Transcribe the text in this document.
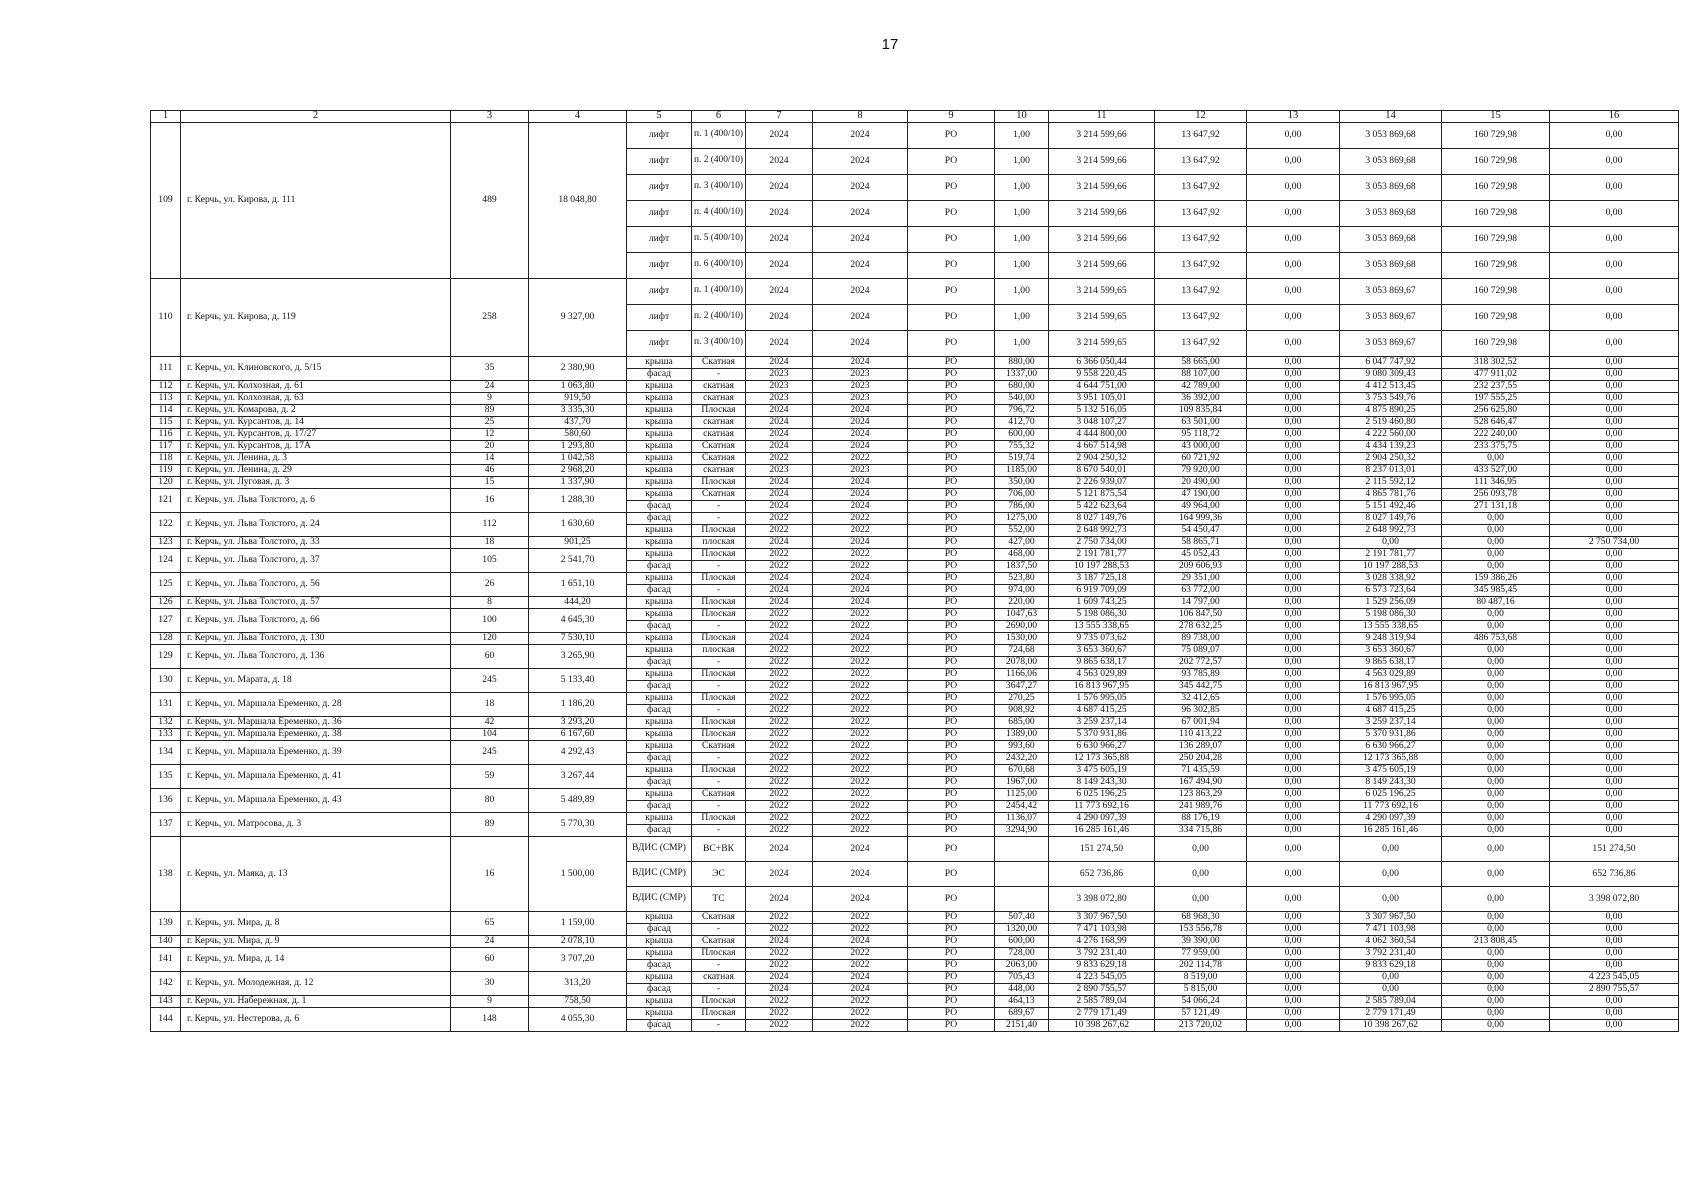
17
1	2	3	4	5	6	7	8	9	10	11	12	13	14	15	16
109	г. Керчь, ул. Кирова, д. 111	489	18 048,80	лифт	п. 1 (400/10)	2024	2024	РО	1,00	3 214 599,66	13 647,92	0,00	3 053 869,68	160 729,98	0,00
				лифт	п. 2 (400/10)	2024	2024	РО	1,00	3 214 599,66	13 647,92	0,00	3 053 869,68	160 729,98	0,00
				лифт	п. 3 (400/10)	2024	2024	РО	1,00	3 214 599,66	13 647,92	0,00	3 053 869,68	160 729,98	0,00
				лифт	п. 4 (400/10)	2024	2024	РО	1,00	3 214 599,66	13 647,92	0,00	3 053 869,68	160 729,98	0,00
				лифт	п. 5 (400/10)	2024	2024	РО	1,00	3 214 599,66	13 647,92	0,00	3 053 869,68	160 729,98	0,00
				лифт	п. 6 (400/10)	2024	2024	РО	1,00	3 214 599,66	13 647,92	0,00	3 053 869,68	160 729,98	0,00
110	г. Керчь, ул. Кирова, д. 119	258	9 327,00	лифт	п. 1 (400/10)	2024	2024	РО	1,00	3 214 599,65	13 647,92	0,00	3 053 869,67	160 729,98	0,00
				лифт	п. 2 (400/10)	2024	2024	РО	1,00	3 214 599,65	13 647,92	0,00	3 053 869,67	160 729,98	0,00
				лифт	п. 3 (400/10)	2024	2024	РО	1,00	3 214 599,65	13 647,92	0,00	3 053 869,67	160 729,98	0,00
111	г. Керчь, ул. Клиновского, д. 5/15	35	2 380,90	крыша	Скатная	2024	2024	РО	880,00	6 366 050,44	58 665,00	0,00	6 047 747,92	318 302,52	0,00
				фасад	-	2023	2023	РО	1337,00	9 558 220,45	88 107,00	0,00	9 080 309,43	477 911,02	0,00
112	г. Керчь, ул. Колхозная, д. 61	24	1 063,80	крыша	скатная	2023	2023	РО	680,00	4 644 751,00	42 789,00	0,00	4 412 513,45	232 237,55	0,00
113	г. Керчь, ул. Колхозная, д. 63	9	919,50	крыша	скатная	2023	2023	РО	540,00	3 951 105,01	36 392,00	0,00	3 753 549,76	197 555,25	0,00
114	г. Керчь, ул. Комарова, д. 2	89	3 335,30	крыша	Плоская	2024	2024	РО	796,72	5 132 516,05	109 835,84	0,00	4 875 890,25	256 625,80	0,00
115	г. Керчь, ул. Курсантов, д. 14	25	437,70	крыша	скатная	2024	2024	РО	412,70	3 048 107,27	63 501,00	0,00	2 519 460,80	528 646,47	0,00
116	г. Керчь, ул. Курсантов, д. 17/27	12	580,60	крыша	скатная	2024	2024	РО	600,00	4 444 800,00	95 118,72	0,00	4 222 560,00	222 240,00	0,00
117	г. Керчь, ул. Курсантов, д. 17А	20	1 293,80	крыша	Скатная	2024	2024	РО	755,32	4 667 514,98	43 000,00	0,00	4 434 139,23	233 375,75	0,00
118	г. Керчь, ул. Ленина, д. 3	14	1 042,58	крыша	Скатная	2022	2022	РО	519,74	2 904 250,32	60 721,92	0,00	2 904 250,32	0,00	0,00
119	г. Керчь, ул. Ленина, д. 29	46	2 968,20	крыша	скатная	2023	2023	РО	1185,00	8 670 540,01	79 920,00	0,00	8 237 013,01	433 527,00	0,00
120	г. Керчь, ул. Луговая, д. 3	15	1 337,90	крыша	Плоская	2024	2024	РО	350,00	2 226 939,07	20 490,00	0,00	2 115 592,12	111 346,95	0,00
121	г. Керчь, ул. Льва Толстого, д. 6	16	1 288,30	крыша	Скатная	2024	2024	РО	706,00	5 121 875,54	47 190,00	0,00	4 865 781,76	256 093,78	0,00
				фасад	-	2024	2024	РО	786,00	5 422 623,64	49 964,00	0,00	5 151 492,46	271 131,18	0,00
122	г. Керчь, ул. Льва Толстого, д. 24	112	1 630,60	фасад	-	2022	2022	РО	1275,00	8 027 149,76	164 999,36	0,00	8 027 149,76	0,00	0,00
				крыша	Плоская	2022	2022	РО	552,00	2 648 992,73	54 450,47	0,00	2 648 992,73	0,00	0,00
123	г. Керчь, ул. Льва Толстого, д. 33	18	901,25	крыша	плоская	2024	2024	РО	427,00	2 750 734,00	58 865,71	0,00	0,00	0,00	2 750 734,00
124	г. Керчь, ул. Льва Толстого, д. 37	105	2 541,70	крыша	Плоская	2022	2022	РО	468,00	2 191 781,77	45 052,43	0,00	2 191 781,77	0,00	0,00
				фасад	-	2022	2022	РО	1837,50	10 197 288,53	209 606,93	0,00	10 197 288,53	0,00	0,00
125	г. Керчь, ул. Льва Толстого, д. 56	26	1 651,10	крыша	Плоская	2024	2024	РО	523,80	3 187 725,18	29 351,00	0,00	3 028 338,92	159 386,26	0,00
				фасад	-	2024	2024	РО	974,00	6 919 709,09	63 772,00	0,00	6 573 723,64	345 985,45	0,00
126	г. Керчь, ул. Льва Толстого, д. 57	8	444,20	крыша	Плоская	2024	2024	РО	220,00	1 609 743,25	14 797,00	0,00	1 529 256,09	80 487,16	0,00
127	г. Керчь, ул. Льва Толстого, д. 66	100	4 645,30	крыша	Плоская	2022	2022	РО	1047,63	5 198 086,30	106 847,50	0,00	5 198 086,30	0,00	0,00
				фасад	-	2022	2022	РО	2690,00	13 555 338,65	278 632,25	0,00	13 555 338,65	0,00	0,00
128	г. Керчь, ул. Льва Толстого, д. 130	120	7 530,10	крыша	Плоская	2024	2024	РО	1530,00	9 735 073,62	89 738,00	0,00	9 248 319,94	486 753,68	0,00
129	г. Керчь, ул. Льва Толстого, д. 136	60	3 265,90	крыша	плоская	2022	2022	РО	724,68	3 653 360,67	75 089,07	0,00	3 653 360,67	0,00	0,00
				фасад	-	2022	2022	РО	2078,00	9 865 638,17	202 772,57	0,00	9 865 638,17	0,00	0,00
130	г. Керчь, ул. Марата, д. 18	245	5 133,40	крыша	Плоская	2022	2022	РО	1166,06	4 563 029,89	93 785,89	0,00	4 563 029,89	0,00	0,00
				фасад	-	2022	2022	РО	3647,27	16 813 967,95	345 442,75	0,00	16 813 967,95	0,00	0,00
131	г. Керчь, ул. Маршала Еременко, д. 28	18	1 186,20	крыша	Плоская	2022	2022	РО	270,25	1 576 995,05	32 412,65	0,00	1 576 995,05	0,00	0,00
				фасад	-	2022	2022	РО	908,92	4 687 415,25	96 302,85	0,00	4 687 415,25	0,00	0,00
132	г. Керчь, ул. Маршала Еременко, д. 36	42	3 293,20	крыша	Плоская	2022	2022	РО	685,00	3 259 237,14	67 001,94	0,00	3 259 237,14	0,00	0,00
133	г. Керчь, ул. Маршала Еременко, д. 38	104	6 167,60	крыша	Плоская	2022	2022	РО	1389,00	5 370 931,86	110 413,22	0,00	5 370 931,86	0,00	0,00
134	г. Керчь, ул. Маршала Еременко, д. 39	245	4 292,43	крыша	Скатная	2022	2022	РО	993,60	6 630 966,27	136 289,07	0,00	6 630 966,27	0,00	0,00
				фасад	-	2022	2022	РО	2432,20	12 173 365,88	250 204,28	0,00	12 173 365,88	0,00	0,00
135	г. Керчь, ул. Маршала Еременко, д. 41	59	3 267,44	крыша	Плоская	2022	2022	РО	670,68	3 475 605,19	71 435,59	0,00	3 475 605,19	0,00	0,00
				фасад	-	2022	2022	РО	1967,00	8 149 243,30	167 494,90	0,00	8 149 243,30	0,00	0,00
136	г. Керчь, ул. Маршала Еременко, д. 43	80	5 489,89	крыша	Скатная	2022	2022	РО	1125,00	6 025 196,25	123 863,29	0,00	6 025 196,25	0,00	0,00
				фасад	-	2022	2022	РО	2454,42	11 773 692,16	241 989,76	0,00	11 773 692,16	0,00	0,00
137	г. Керчь, ул. Матросова, д. 3	89	5 770,30	крыша	Плоская	2022	2022	РО	1136,07	4 290 097,39	88 176,19	0,00	4 290 097,39	0,00	0,00
				фасад	-	2022	2022	РО	3294,90	16 285 161,46	334 715,86	0,00	16 285 161,46	0,00	0,00
138	г. Керчь, ул. Маяка, д. 13	16	1 500,00	ВДИС (СМР)	ВС+ВК	2024	2024	РО		151 274,50	0,00	0,00	0,00	0,00	151 274,50
				ВДИС (СМР)	ЭС	2024	2024	РО		652 736,86	0,00	0,00	0,00	0,00	652 736,86
				ВДИС (СМР)	ТС	2024	2024	РО		3 398 072,80	0,00	0,00	0,00	0,00	3 398 072,80
139	г. Керчь, ул. Мира, д. 8	65	1 159,00	крыша	Скатная	2022	2022	РО	507,40	3 307 967,50	68 968,30	0,00	3 307 967,50	0,00	0,00
				фасад	-	2022	2022	РО	1320,00	7 471 103,98	153 556,78	0,00	7 471 103,98	0,00	0,00
140	г. Керчь, ул. Мира, д. 9	24	2 078,10	крыша	Скатная	2024	2024	РО	600,00	4 276 168,99	39 390,00	0,00	4 062 360,54	213 808,45	0,00
141	г. Керчь, ул. Мира, д. 14	60	3 707,20	крыша	Плоская	2022	2022	РО	728,00	3 792 231,40	77 959,00	0,00	3 792 231,40	0,00	0,00
				фасад	-	2022	2022	РО	2063,00	9 833 629,18	202 114,78	0,00	9 833 629,18	0,00	0,00
142	г. Керчь, ул. Молодежная, д. 12	30	313,20	крыша	скатная	2024	2024	РО	705,43	4 223 545,05	8 519,00	0,00	0,00	0,00	4 223 545,05
				фасад	-	2024	2024	РО	448,00	2 890 755,57	5 815,00	0,00	0,00	0,00	2 890 755,57
143	г. Керчь, ул. Набережная, д. 1	9	758,50	крыша	Плоская	2022	2022	РО	464,13	2 585 789,04	54 066,24	0,00	2 585 789,04	0,00	0,00
144	г. Керчь, ул. Нестерова, д. 6	148	4 055,30	крыша	Плоская	2022	2022	РО	689,67	2 779 171,49	57 121,49	0,00	2 779 171,49	0,00	0,00
				фасад	-	2022	2022	РО	2151,40	10 398 267,62	213 720,02	0,00	10 398 267,62	0,00	0,00
